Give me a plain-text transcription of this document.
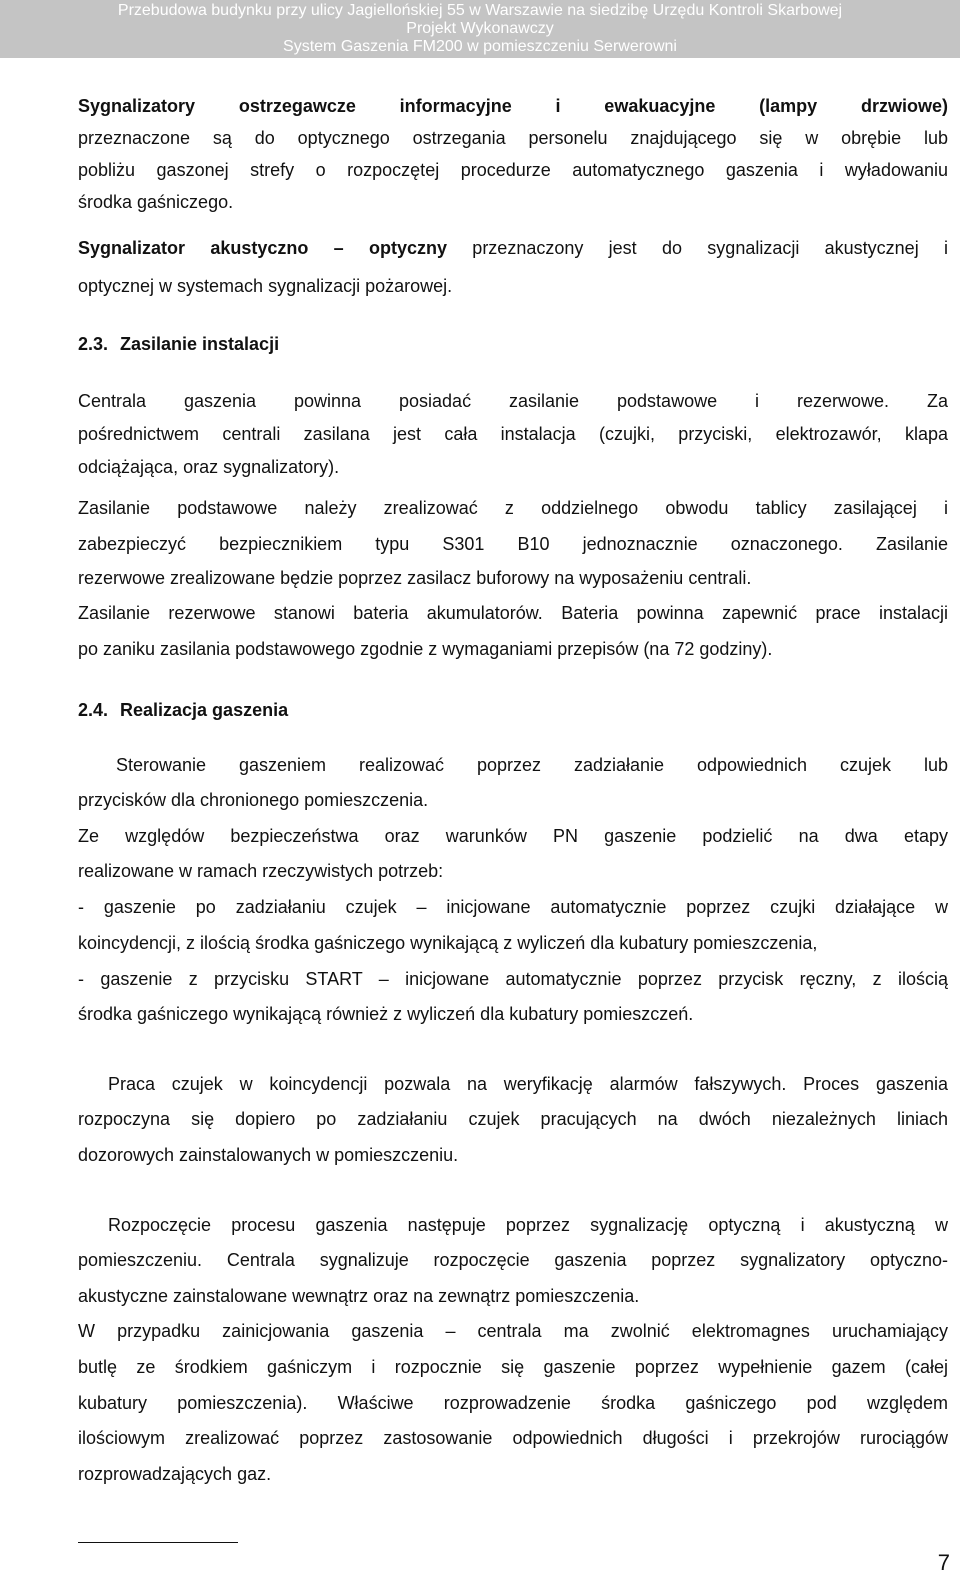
Przebudowa budynku przy ulicy Jagiellońskiej 55 w Warszawie na siedzibę Urzędu Kontroli Skarbowej
Projekt Wykonawczy
System Gaszenia FM200 w pomieszczeniu Serwerowni
Sygnalizatory ostrzegawcze informacyjne i ewakuacyjne (lampy drzwiowe)
przeznaczone są do optycznego ostrzegania personelu znajdującego się w obrębie lub
pobliżu gaszonej strefy o rozpoczętej procedurze automatycznego gaszenia i wyładowaniu
środka gaśniczego.
Sygnalizator akustyczno – optyczny przeznaczony jest do sygnalizacji akustycznej i
optycznej w systemach sygnalizacji pożarowej.
2.3. Zasilanie instalacji
Centrala gaszenia powinna posiadać zasilanie podstawowe i rezerwowe. Za
pośrednictwem centrali zasilana jest cała instalacja (czujki, przyciski, elektrozawór, klapa
odciążająca, oraz sygnalizatory).
Zasilanie podstawowe należy zrealizować z oddzielnego obwodu tablicy zasilającej i
zabezpieczyć bezpiecznikiem typu S301 B10 jednoznacznie oznaczonego. Zasilanie
rezerwowe zrealizowane będzie poprzez zasilacz buforowy na wyposażeniu centrali.
Zasilanie rezerwowe stanowi bateria akumulatorów. Bateria powinna zapewnić prace instalacji
po zaniku zasilania podstawowego zgodnie z wymaganiami przepisów (na 72 godziny).
2.4. Realizacja gaszenia
Sterowanie gaszeniem realizować poprzez zadziałanie odpowiednich czujek lub
przycisków dla chronionego pomieszczenia.
Ze względów bezpieczeństwa oraz warunków PN gaszenie podzielić na dwa etapy
realizowane w ramach rzeczywistych potrzeb:
- gaszenie po zadziałaniu czujek – inicjowane automatycznie poprzez czujki działające w
koincydencji, z ilością środka gaśniczego wynikającą z wyliczeń dla kubatury pomieszczenia,
- gaszenie z przycisku START – inicjowane automatycznie poprzez przycisk ręczny, z ilością
środka gaśniczego wynikającą również z wyliczeń dla kubatury pomieszczeń.
Praca czujek w koincydencji pozwala na weryfikację alarmów fałszywych. Proces gaszenia
rozpoczyna się dopiero po zadziałaniu czujek pracujących na dwóch niezależnych liniach
dozorowych zainstalowanych w pomieszczeniu.
Rozpoczęcie procesu gaszenia następuje poprzez sygnalizację optyczną i akustyczną w
pomieszczeniu. Centrala sygnalizuje rozpoczęcie gaszenia poprzez sygnalizatory optyczno-
akustyczne zainstalowane wewnątrz oraz na zewnątrz pomieszczenia.
W przypadku zainicjowania gaszenia – centrala ma zwolnić elektromagnes uruchamiający
butlę ze środkiem gaśniczym i rozpocznie się gaszenie poprzez wypełnienie gazem (całej
kubatury pomieszczenia). Właściwe rozprowadzenie środka gaśniczego pod względem
ilościowym zrealizować poprzez zastosowanie odpowiednich długości i przekrojów rurociągów
rozprowadzających gaz.
7
